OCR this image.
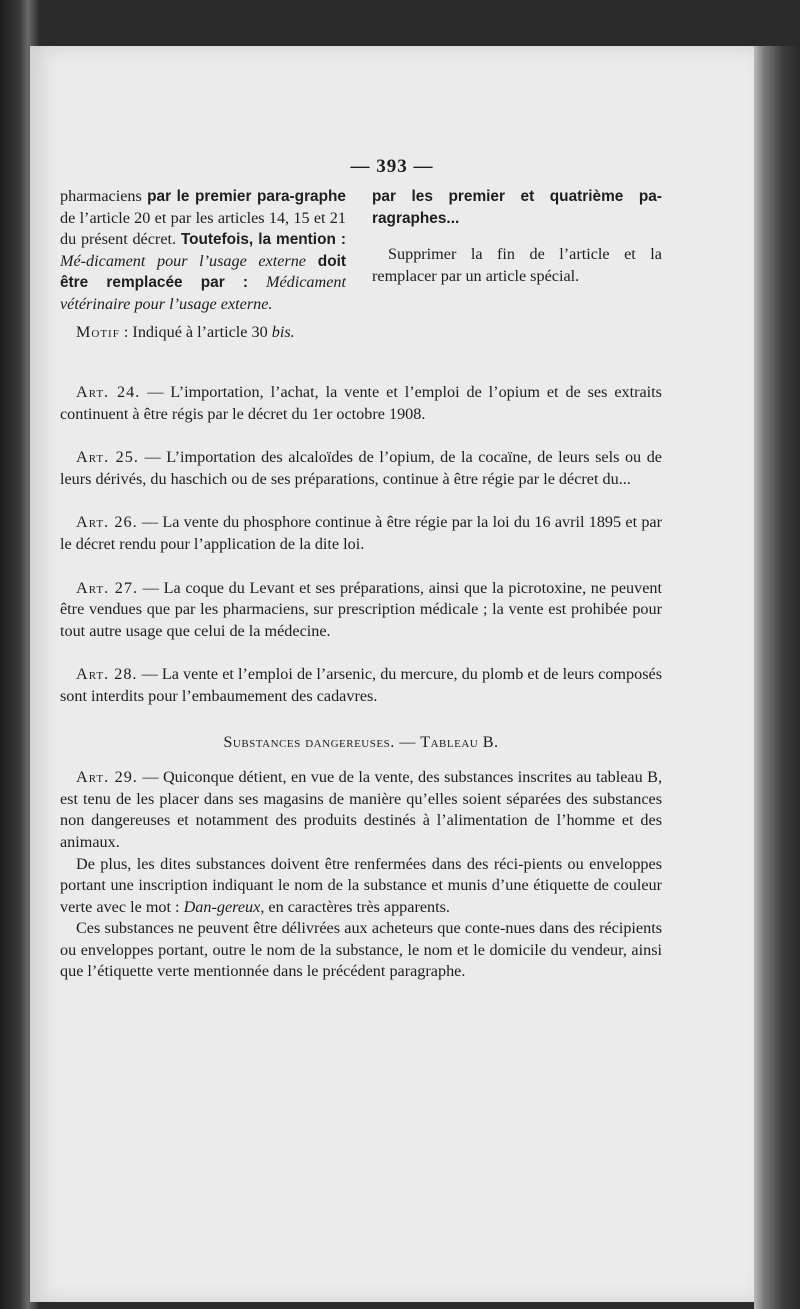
— 393 —

pharmaciens par le premier para-graphe de l’article 20 et par les articles 14, 15 et 21 du présent décret. Toutefois, la mention : Mé-dicament pour l’usage externe doit être remplacée par : Médicament vétérinaire pour l’usage externe.

Motif : Indiqué à l’article 30 bis.

par les premier et quatrième pa-ragraphes...

Supprimer la fin de l’article et la remplacer par un article spécial.

Art. 24. — L’importation, l’achat, la vente et l’emploi de l’opium et de ses extraits continuent à être régis par le décret du 1er octobre 1908.

Art. 25. — L’importation des alcaloïdes de l’opium, de la cocaïne, de leurs sels ou de leurs dérivés, du haschich ou de ses préparations, continue à être régie par le décret du...

Art. 26. — La vente du phosphore continue à être régie par la loi du 16 avril 1895 et par le décret rendu pour l’application de la dite loi.

Art. 27. — La coque du Levant et ses préparations, ainsi que la picrotoxine, ne peuvent être vendues que par les pharmaciens, sur prescription médicale ; la vente est prohibée pour tout autre usage que celui de la médecine.

Art. 28. — La vente et l’emploi de l’arsenic, du mercure, du plomb et de leurs composés sont interdits pour l’embaumement des cadavres.

Substances dangereuses. — Tableau B.

Art. 29. — Quiconque détient, en vue de la vente, des substances inscrites au tableau B, est tenu de les placer dans ses magasins de manière qu’elles soient séparées des substances non dangereuses et notamment des produits destinés à l’alimentation de l’homme et des animaux.

De plus, les dites substances doivent être renfermées dans des réci-pients ou enveloppes portant une inscription indiquant le nom de la substance et munis d’une étiquette de couleur verte avec le mot : Dan-gereux, en caractères très apparents.

Ces substances ne peuvent être délivrées aux acheteurs que conte-nues dans des récipients ou enveloppes portant, outre le nom de la substance, le nom et le domicile du vendeur, ainsi que l’étiquette verte mentionnée dans le précédent paragraphe.
